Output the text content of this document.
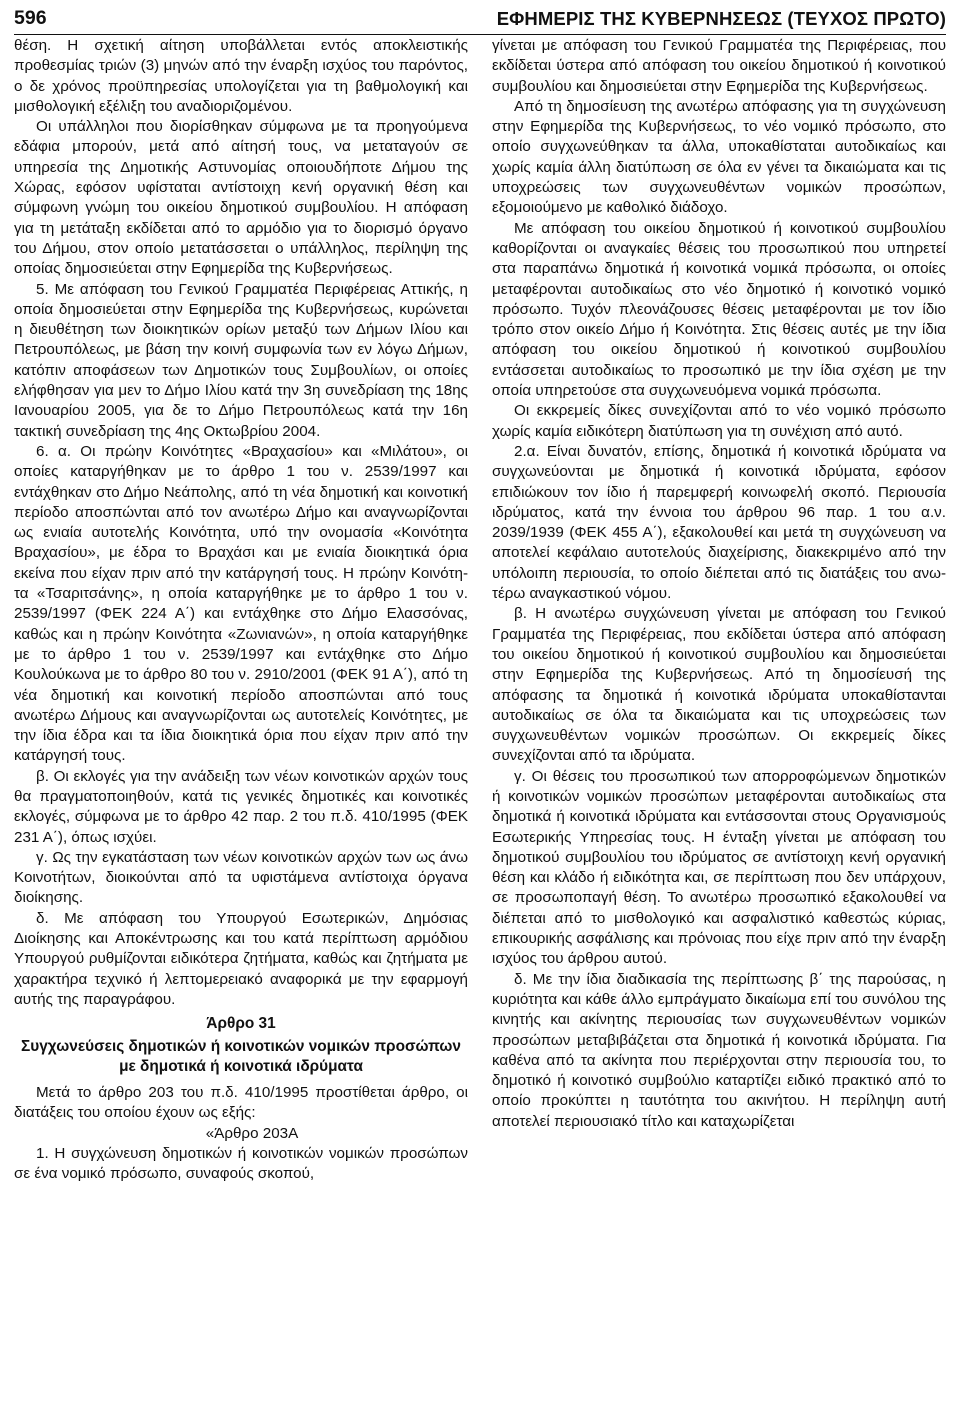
596	ΕΦΗΜΕΡΙΣ ΤΗΣ ΚΥΒΕΡΝΗΣΕΩΣ (ΤΕΥΧΟΣ ΠΡΩΤΟ)

θέση. Η σχετική αίτηση υποβάλλεται εντός αποκλειστικής προθεσμίας τριών (3) μηνών από την έναρξη ισχύος του παρόντος, ο δε χρόνος προϋπηρεσίας υπολογίζεται για τη βαθμολογική και μισθολογική εξέλιξη του αναδιοριζομένου.

Οι υπάλληλοι που διορίσθηκαν σύμφωνα με τα προηγούμενα εδάφια μπορούν, μετά από αίτησή τους, να μεταταγούν σε υπηρεσία της Δημοτικής Αστυνομίας οποιουδήποτε Δήμου της Χώρας, εφόσον υφίσταται αντίστοιχη κενή οργανική θέση και σύμφωνη γνώμη του οικείου δημοτικού συμβουλίου. Η απόφαση για τη μετάταξη εκδίδεται από το αρμόδιο για το διορισμό όργανο του Δήμου, στον οποίο μετατάσσεται ο υπάλληλος, περίληψη της οποίας δημοσιεύεται στην Εφημερίδα της Κυβερνήσεως.

5. Με απόφαση του Γενικού Γραμματέα Περιφέρειας Αττικής, η οποία δημοσιεύεται στην Εφημερίδα της Κυβερνήσεως, κυρώνεται η διευθέτηση των διοικητικών ορίων μεταξύ των Δήμων Ιλίου και Πετρουπόλεως, με βάση την κοινή συμφωνία των εν λόγω Δήμων, κατόπιν αποφάσεων των Δημοτικών τους Συμβουλίων, οι οποίες ελήφθησαν για μεν το Δήμο Ιλίου κατά την 3η συνεδρίαση της 18ης Ιανουαρίου 2005, για δε το Δήμο Πετρουπόλεως κατά την 16η τακτική συνεδρίαση της 4ης Οκτωβρίου 2004.

6. α. Οι πρώην Κοινότητες «Βραχασίου» και «Μιλάτου», οι οποίες καταργήθηκαν με το άρθρο 1 του ν. 2539/1997 και εντάχθηκαν στο Δήμο Νεάπολης, από τη νέα δημοτική και κοινοτική περίοδο αποσπώνται από τον ανωτέρω Δήμο και αναγνωρίζονται ως ενιαία αυτοτελής Κοινότητα, υπό την ονομασία «Κοινότητα Βραχασίου», με έδρα το Βραχάσι και με ενιαία διοικητικά όρια εκείνα που είχαν πριν από την κατάργησή τους. Η πρώην Κοινότητα «Τσαριτσάνης», η οποία καταργήθηκε με το άρθρο 1 του ν. 2539/1997 (ΦΕΚ 224 Α΄) και εντάχθηκε στο Δήμο Ελασσόνας, καθώς και η πρώην Κοινότητα «Ζωνιανών», η οποία καταργήθηκε με το άρθρο 1 του ν. 2539/1997 και εντάχθηκε στο Δήμο Κουλούκωνα με το άρθρο 80 του ν. 2910/2001 (ΦΕΚ 91 Α΄), από τη νέα δημοτική και κοινοτική περίοδο αποσπώνται από τους ανωτέρω Δήμους και αναγνωρίζονται ως αυτοτελείς Κοινότητες, με την ίδια έδρα και τα ίδια διοικητικά όρια που είχαν πριν από την κατάργησή τους.

β. Οι εκλογές για την ανάδειξη των νέων κοινοτικών αρχών τους θα πραγματοποιηθούν, κατά τις γενικές δημοτικές και κοινοτικές εκλογές, σύμφωνα με το άρθρο 42 παρ. 2 του π.δ. 410/1995 (ΦΕΚ 231 Α΄), όπως ισχύει.

γ. Ως την εγκατάσταση των νέων κοινοτικών αρχών των ως άνω Κοινοτήτων, διοικούνται από τα υφιστάμενα αντίστοιχα όργανα διοίκησης.

δ. Με απόφαση του Υπουργού Εσωτερικών, Δημόσιας Διοίκησης και Αποκέντρωσης και του κατά περίπτωση αρμόδιου Υπουργού ρυθμίζονται ειδικότερα ζητήματα, καθώς και ζητήματα με χαρακτήρα τεχνικό ή λεπτομερειακό αναφορικά με την εφαρμογή αυτής της παραγράφου.

Άρθρο 31
Συγχωνεύσεις δημοτικών ή κοινοτικών νομικών προσώπων με δημοτικά ή κοινοτικά ιδρύματα

Μετά το άρθρο 203 του π.δ. 410/1995 προστίθεται άρθρο, οι διατάξεις του οποίου έχουν ως εξής:

«Άρθρο 203Α

1. Η συγχώνευση δημοτικών ή κοινοτικών νομικών προσώπων σε ένα νομικό πρόσωπο, συναφούς σκοπού,

γίνεται με απόφαση του Γενικού Γραμματέα της Περιφέρειας, που εκδίδεται ύστερα από απόφαση του οικείου δημοτικού ή κοινοτικού συμβουλίου και δημοσιεύεται στην Εφημερίδα της Κυβερνήσεως.

Από τη δημοσίευση της ανωτέρω απόφασης για τη συγχώνευση στην Εφημερίδα της Κυβερνήσεως, το νέο νομικό πρόσωπο, στο οποίο συγχωνεύθηκαν τα άλλα, υποκαθίσταται αυτοδικαίως και χωρίς καμία άλλη διατύπωση σε όλα εν γένει τα δικαιώματα και τις υποχρεώσεις των συγχωνευθέντων νομικών προσώπων, εξομοιούμενο με καθολικό διάδοχο.

Με απόφαση του οικείου δημοτικού ή κοινοτικού συμβουλίου καθορίζονται οι αναγκαίες θέσεις του προσωπικού που υπηρετεί στα παραπάνω δημοτικά ή κοινοτικά νομικά πρόσωπα, οι οποίες μεταφέρονται αυτοδικαίως στο νέο δημοτικό ή κοινοτικό νομικό πρόσωπο. Τυχόν πλεονάζουσες θέσεις μεταφέρονται με τον ίδιο τρόπο στον οικείο Δήμο ή Κοινότητα. Στις θέσεις αυτές με την ίδια απόφαση του οικείου δημοτικού ή κοινοτικού συμβουλίου εντάσσεται αυτοδικαίως το προσωπικό με την ίδια σχέση με την οποία υπηρετούσε στα συγχωνευόμενα νομικά πρόσωπα.

Οι εκκρεμείς δίκες συνεχίζονται από το νέο νομικό πρόσωπο χωρίς καμία ειδικότερη διατύπωση για τη συνέχιση από αυτό.

2.α. Είναι δυνατόν, επίσης, δημοτικά ή κοινοτικά ιδρύματα να συγχωνεύονται με δημοτικά ή κοινοτικά ιδρύματα, εφόσον επιδιώκουν τον ίδιο ή παρεμφερή κοινωφελή σκοπό. Περιουσία ιδρύματος, κατά την έννοια του άρθρου 96 παρ. 1 του α.ν. 2039/1939 (ΦΕΚ 455 Α΄), εξακολουθεί και μετά τη συγχώνευση να αποτελεί κεφάλαιο αυτοτελούς διαχείρισης, διακεκριμένο από την υπόλοιπη περιουσία, το οποίο διέπεται από τις διατάξεις του ανωτέρω αναγκαστικού νόμου.

β. Η ανωτέρω συγχώνευση γίνεται με απόφαση του Γενικού Γραμματέα της Περιφέρειας, που εκδίδεται ύστερα από απόφαση του οικείου δημοτικού ή κοινοτικού συμβουλίου και δημοσιεύεται στην Εφημερίδα της Κυβερνήσεως. Από τη δημοσίευσή της απόφασης τα δημοτικά ή κοινοτικά ιδρύματα υποκαθίστανται αυτοδικαίως σε όλα τα δικαιώματα και τις υποχρεώσεις των συγχωνευθέντων νομικών προσώπων. Οι εκκρεμείς δίκες συνεχίζονται από τα ιδρύματα.

γ. Οι θέσεις του προσωπικού των απορροφώμενων δημοτικών ή κοινοτικών νομικών προσώπων μεταφέρονται αυτοδικαίως στα δημοτικά ή κοινοτικά ιδρύματα και εντάσσονται στους Οργανισμούς Εσωτερικής Υπηρεσίας τους. Η ένταξη γίνεται με απόφαση του δημοτικού συμβουλίου του ιδρύματος σε αντίστοιχη κενή οργανική θέση και κλάδο ή ειδικότητα και, σε περίπτωση που δεν υπάρχουν, σε προσωποπαγή θέση. Το ανωτέρω προσωπικό εξακολουθεί να διέπεται από το μισθολογικό και ασφαλιστικό καθεστώς κύριας, επικουρικής ασφάλισης και πρόνοιας που είχε πριν από την έναρξη ισχύος του άρθρου αυτού.

δ. Με την ίδια διαδικασία της περίπτωσης β΄ της παρούσας, η κυριότητα και κάθε άλλο εμπράγματο δικαίωμα επί του συνόλου της κινητής και ακίνητης περιουσίας των συγχωνευθέντων νομικών προσώπων μεταβιβάζεται στα δημοτικά ή κοινοτικά ιδρύματα. Για καθένα από τα ακίνητα που περιέρχονται στην περιουσία του, το δημοτικό ή κοινοτικό συμβούλιο καταρτίζει ειδικό πρακτικό από το οποίο προκύπτει η ταυτότητα του ακινήτου. Η περίληψη αυτή αποτελεί περιουσιακό τίτλο και καταχωρίζεται
